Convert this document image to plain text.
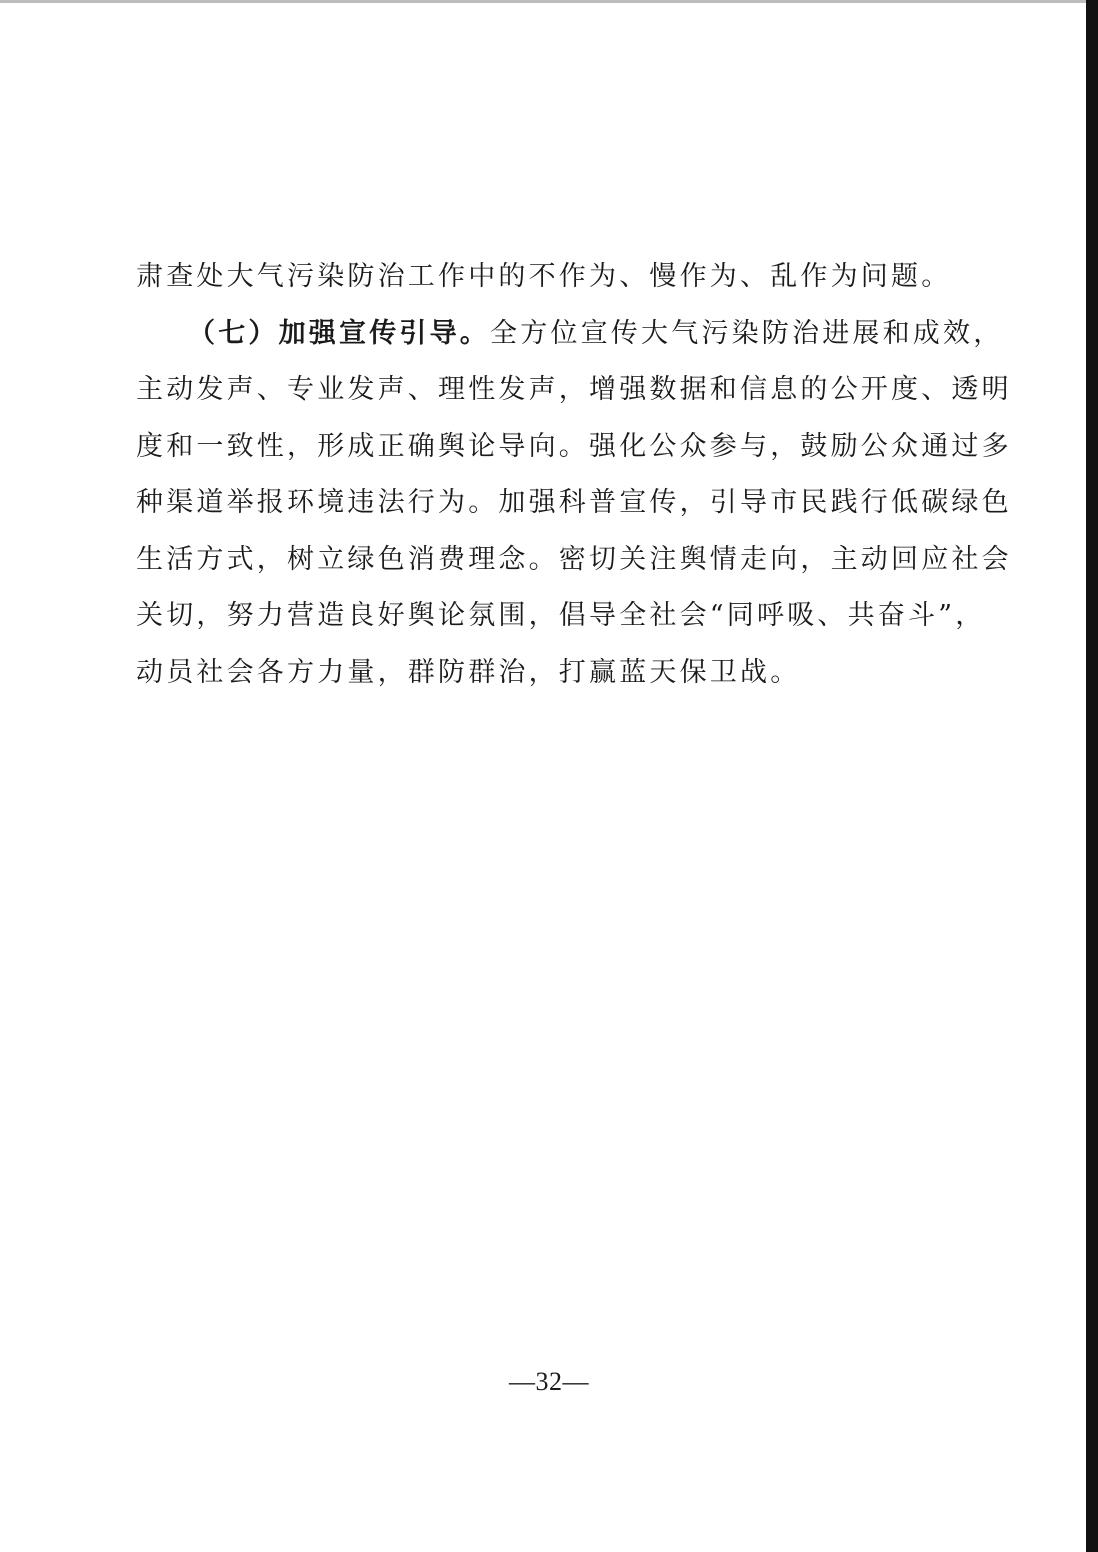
肃查处大气污染防治工作中的不作为、慢作为、乱作为问题。
（七）加强宣传引导。全方位宣传大气污染防治进展和成效，
主动发声、专业发声、理性发声，增强数据和信息的公开度、透明
度和一致性，形成正确舆论导向。强化公众参与，鼓励公众通过多
种渠道举报环境违法行为。加强科普宣传，引导市民践行低碳绿色
生活方式，树立绿色消费理念。密切关注舆情走向，主动回应社会
关切，努力营造良好舆论氛围，倡导全社会“同呼吸、共奋斗”，
动员社会各方力量，群防群治，打赢蓝天保卫战。
—32—
